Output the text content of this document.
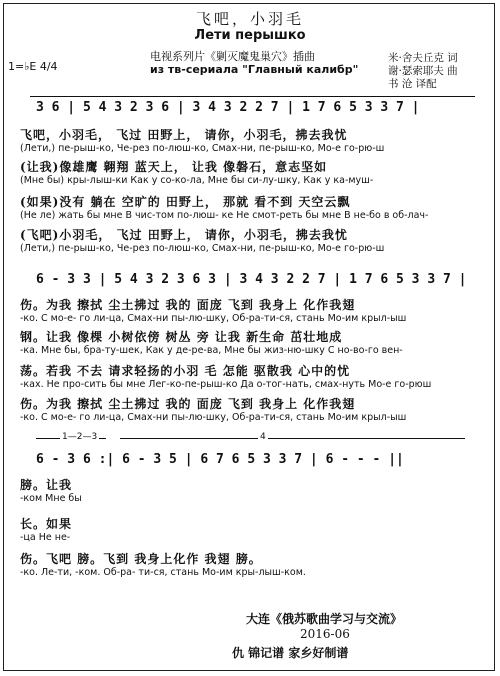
飞吧，小羽毛
Лети перышко
电视系列片《剿灭魔鬼巢穴》插曲
из тв-сериала "Главный калибр"
米·舍夫丘克 词
谢·瑟索耶夫 曲
书 沧 译配
1=♭E 4/4
3 6 | 5 4 3 2 3 6 | 3 4 3 2 2 7 | 1 7 6 5 3 3 7 |
飞吧，小羽毛， 飞过 田野上， 请你，小羽毛，拂去我忧
(Лети,) пе-рыш-ко, Че-рез по-люш-ко, Смах-ни, пе-рыш-ко, Мо-е го-рю-ш
(让我)像雄鹰 翱翔 蓝天上， 让我 像磐石，意志坚如
(Мне бы) кры-лыш-ки Как у со-ко-ла, Мне бы си-лу-шку, Как у ка-муш-
(如果)没有 躺在 空旷的 田野上， 那就 看不到 天空云飘
(Не ле) жать бы мне В чис-том по-люш- ке Не смот-реть бы мне В не-бо в об-лач-
(飞吧)小羽毛， 飞过 田野上， 请你，小羽毛，拂去我忧
(Лети,) пе-рыш-ко, Че-рез по-люш-ко, Смах-ни, пе-рыш-ко, Мо-е го-рю-ш
6 - 3 3 | 5 4 3 2 3 6 3 | 3 4 3 2 2 7 | 1 7 6 5 3 3 7 |
伤。为我 擦拭 尘土拂过 我的 面庞 飞到 我身上 化作我翅
-ко. С мо-е- го ли-ца, Смах-ни пы-лю-шку, Об-ра-ти-ся, стань Мо-им крыл-ыш
钢。让我 像棵 小树依傍 树丛 旁 让我 新生命 茁壮地成
-ка. Мне бы, бра-ту-шек, Как у де-ре-ва, Мне бы жиз-ню-шку С но-во-го вен-
荡。若我 不去 请求轻扬的小羽 毛 怎能 驱散我 心中的忧
-ках. Не про-сить бы мне Лег-ко-пе-рыш-ко Да о-тог-нать, смах-нуть Мо-е го-рюш
伤。为我 擦拭 尘土拂过 我的 面庞 飞到 我身上 化作我翅
-ко. С мо-е- го ли-ца, Смах-ни пы-лю-шку, Об-ра-ти-ся, стань Мо-им крыл-ыш
1—2—3	4
6 - 3 6 :| 6 - 3 5 | 6 7 6 5 3 3 7 | 6 - - - ||
膀。让我
-ком Мне бы
长。如果
-ца Не не-
伤。飞吧 膀。飞到 我身上化作 我翅 膀。
-ко. Ле-ти, -ком. Об-ра- ти-ся, стань Мо-им кры-лыш-ком.
大连《俄苏歌曲学习与交流》
2016-06
仇 锦记谱 家乡好制谱
